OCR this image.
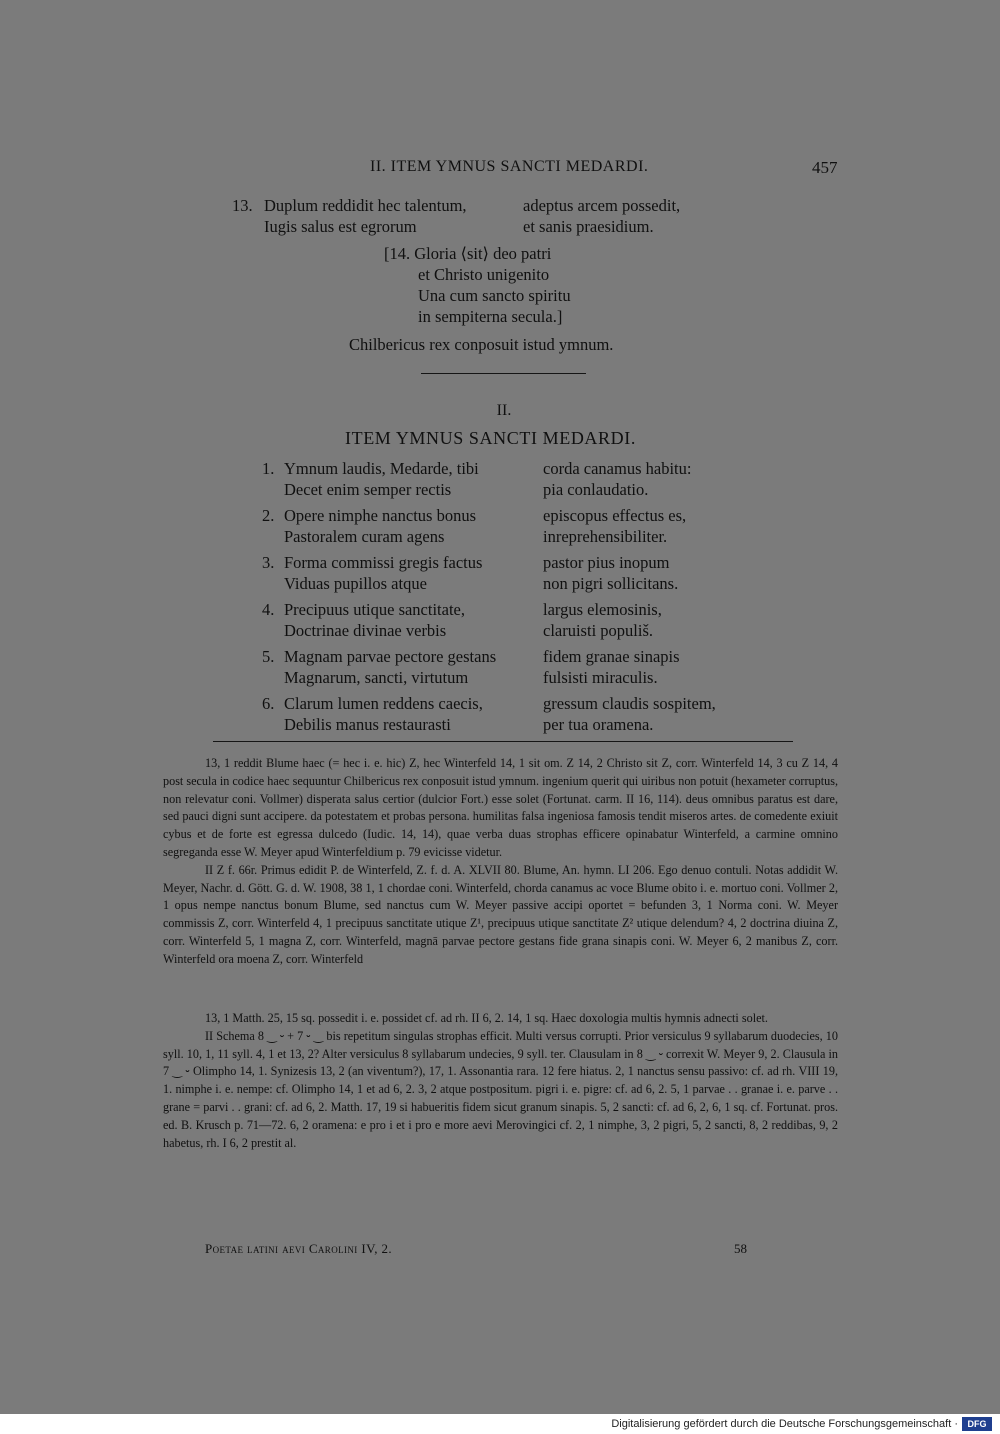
II. ITEM YMNUS SANCTI MEDARDI.	457
13. Duplum reddidit hec talentum,	adeptus arcem possedit,
Iugis salus est egrorum	et sanis praesidium.
[14. Gloria ⟨sit⟩ deo patri
et Christo unigenito
Una cum sancto spiritu
in sempiterna secula.]
Chilbericus rex conposuit istud ymnum.
II.
ITEM YMNUS SANCTI MEDARDI.
1. Ymnum laudis, Medarde, tibi	corda canamus habitu:
Decet enim semper rectis	pia conlaudatio.
2. Opere nimphe nanctus bonus	episcopus effectus es,
Pastoralem curam agens	inreprehensibiliter.
3. Forma commissi gregis factus	pastor pius inopum
Viduas pupillos atque	non pigri sollicitans.
4. Precipuus utique sanctitate,	largus elemosinis,
Doctrinae divinae verbis	claruisti populiš.
5. Magnam parvae pectore gestans	fidem granae sinapis
Magnarum, sancti, virtutum	fulsisti miraculis.
6. Clarum lumen reddens caecis,	gressum claudis sospitem,
Debilis manus restaurasti	per tua oramena.

13, 1 reddit Blume haec (= hec i. e. hic) Z, hec Winterfeld 14, 1 sit om. Z 14, 2 Christo sit Z, corr. Winterfeld 14, 3 cu Z 14, 4 post secula in codice haec sequuntur Chilbericus rex conposuit istud ymnum. ingenium querit qui uiribus non potuit (hexameter corruptus, non relevatur coni. Vollmer) disperata salus certior (dulcior Fort.) esse solet (Fortunat. carm. II 16, 114). deus omnibus paratus est dare, sed pauci digni sunt accipere. da potestatem et probas persona. humilitas falsa ingeniosa famosis tendit miseros artes. de comedente exiuit cybus et de forte est egressa dulcedo (Iudic. 14, 14), quae verba duas strophas efficere opinabatur Winterfeld, a carmine omnino segreganda esse W. Meyer apud Winterfeldium p. 79 evicisse videtur.

II Z f. 66r. Primus edidit P. de Winterfeld, Z. f. d. A. XLVII 80. Blume, An. hymn. LI 206. Ego denuo contuli. Notas addidit W. Meyer, Nachr. d. Gött. G. d. W. 1908, 38 1, 1 chordae coni. Winterfeld, chorda canamus ac voce Blume obito i. e. mortuo coni. Vollmer 2, 1 opus nempe nanctus bonum Blume, sed nanctus cum W. Meyer passive accipi oportet = befunden 3, 1 Norma coni. W. Meyer commissis Z, corr. Winterfeld 4, 1 precipuus sanctitate utique Z¹, precipuus utique sanctitate Z² utique delendum? 4, 2 doctrina diuina Z, corr. Winterfeld 5, 1 magna Z, corr. Winterfeld, magnā parvae pectore gestans fide grana sinapis coni. W. Meyer 6, 2 manibus Z, corr. Winterfeld ora moena Z, corr. Winterfeld

13, 1 Matth. 25, 15 sq. possedit i. e. possidet cf. ad rh. II 6, 2. 14, 1 sq. Haec doxologia multis hymnis adnecti solet.

II Schema 8 ‿ ⏑ + 7 ⏑ ‿ bis repetitum singulas strophas efficit. Multi versus corrupti. Prior versiculus 9 syllabarum duodecies, 10 syll. 10, 1, 11 syll. 4, 1 et 13, 2? Alter versiculus 8 syllabarum undecies, 9 syll. ter. Clausulam in 8 ‿ ⏑ correxit W. Meyer 9, 2. Clausula in 7 ‿ ⏑ Olimpho 14, 1. Synizesis 13, 2 (an viventum?), 17, 1. Assonantia rara. 12 fere hiatus. 2, 1 nanctus sensu passivo: cf. ad rh. VIII 19, 1. nimphe i. e. nempe: cf. Olimpho 14, 1 et ad 6, 2. 3, 2 atque postpositum. pigri i. e. pigre: cf. ad 6, 2. 5, 1 parvae . . granae i. e. parve . . grane = parvi . . grani: cf. ad 6, 2. Matth. 17, 19 si habueritis fidem sicut granum sinapis. 5, 2 sancti: cf. ad 6, 2, 6, 1 sq. cf. Fortunat. pros. ed. B. Krusch p. 71—72. 6, 2 oramena: e pro i et i pro e more aevi Merovingici cf. 2, 1 nimphe, 3, 2 pigri, 5, 2 sancti, 8, 2 reddibas, 9, 2 habetus, rh. I 6, 2 prestit al.

Poetae latini aevi Carolini IV, 2.	58
Digitalisierung gefördert durch die Deutsche Forschungsgemeinschaft ·	DFG
